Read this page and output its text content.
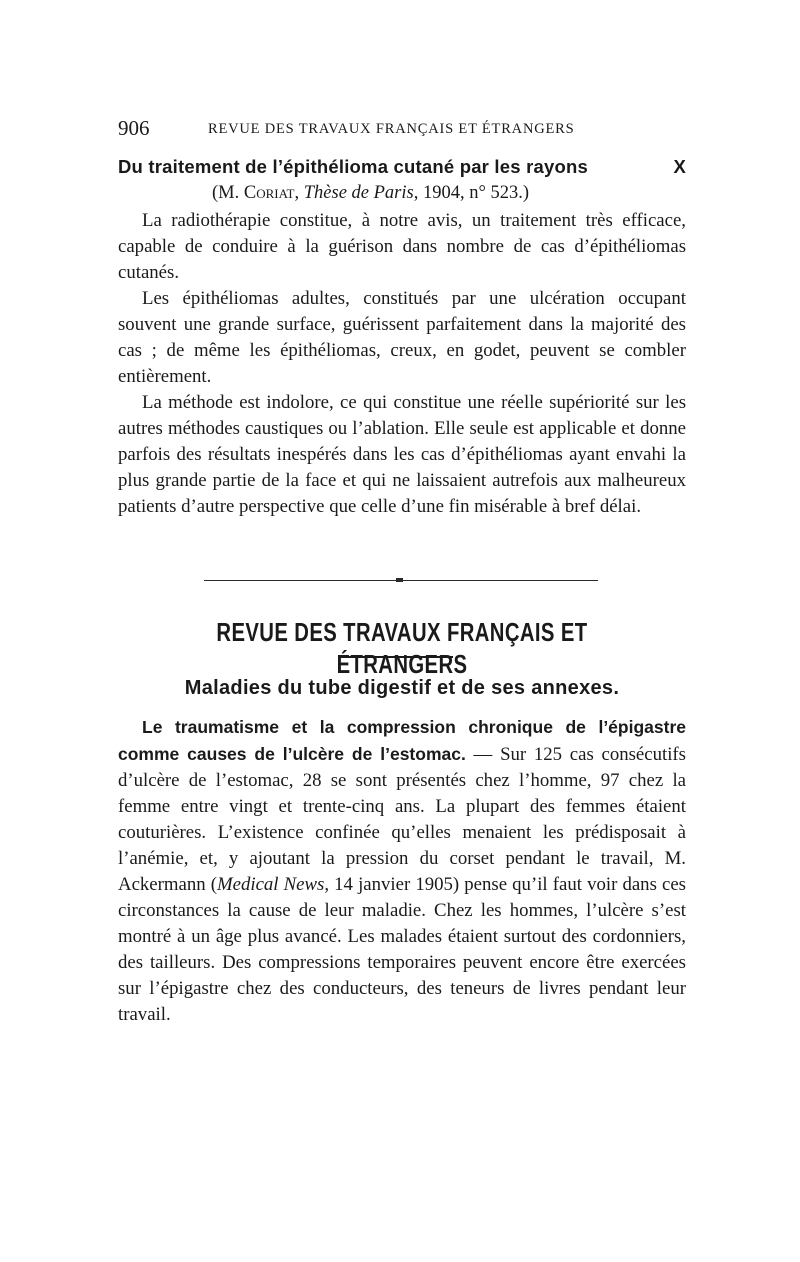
906	REVUE DES TRAVAUX FRANÇAIS ET ÉTRANGERS
Du traitement de l’épithélioma cutané par les rayons	X
(M. Coriat, Thèse de Paris, 1904, n° 523.)

La radiothérapie constitue, à notre avis, un traitement très efficace, capable de conduire à la guérison dans nombre de cas d’épithéliomas cutanés.

Les épithéliomas adultes, constitués par une ulcération occupant souvent une grande surface, guérissent parfaitement dans la majorité des cas ; de même les épithéliomas, creux, en godet, peuvent se combler entièrement.

La méthode est indolore, ce qui constitue une réelle supériorité sur les autres méthodes caustiques ou l’ablation. Elle seule est applicable et donne parfois des résultats inespérés dans les cas d’épithéliomas ayant envahi la plus grande partie de la face et qui ne laissaient autrefois aux malheureux patients d’autre perspective que celle d’une fin misérable à bref délai.

REVUE DES TRAVAUX FRANÇAIS ET ÉTRANGERS
Maladies du tube digestif et de ses annexes.

Le traumatisme et la compression chronique de l’épigastre comme causes de l’ulcère de l’estomac. — Sur 125 cas consécutifs d’ulcère de l’estomac, 28 se sont présentés chez l’homme, 97 chez la femme entre vingt et trente-cinq ans. La plupart des femmes étaient couturières. L’existence confinée qu’elles menaient les prédisposait à l’anémie, et, y ajoutant la pression du corset pendant le travail, M. Ackermann (Medical News, 14 janvier 1905) pense qu’il faut voir dans ces circonstances la cause de leur maladie. Chez les hommes, l’ulcère s’est montré à un âge plus avancé. Les malades étaient surtout des cordonniers, des tailleurs. Des compressions temporaires peuvent encore être exercées sur l’épigastre chez des conducteurs, des teneurs de livres pendant leur travail.
